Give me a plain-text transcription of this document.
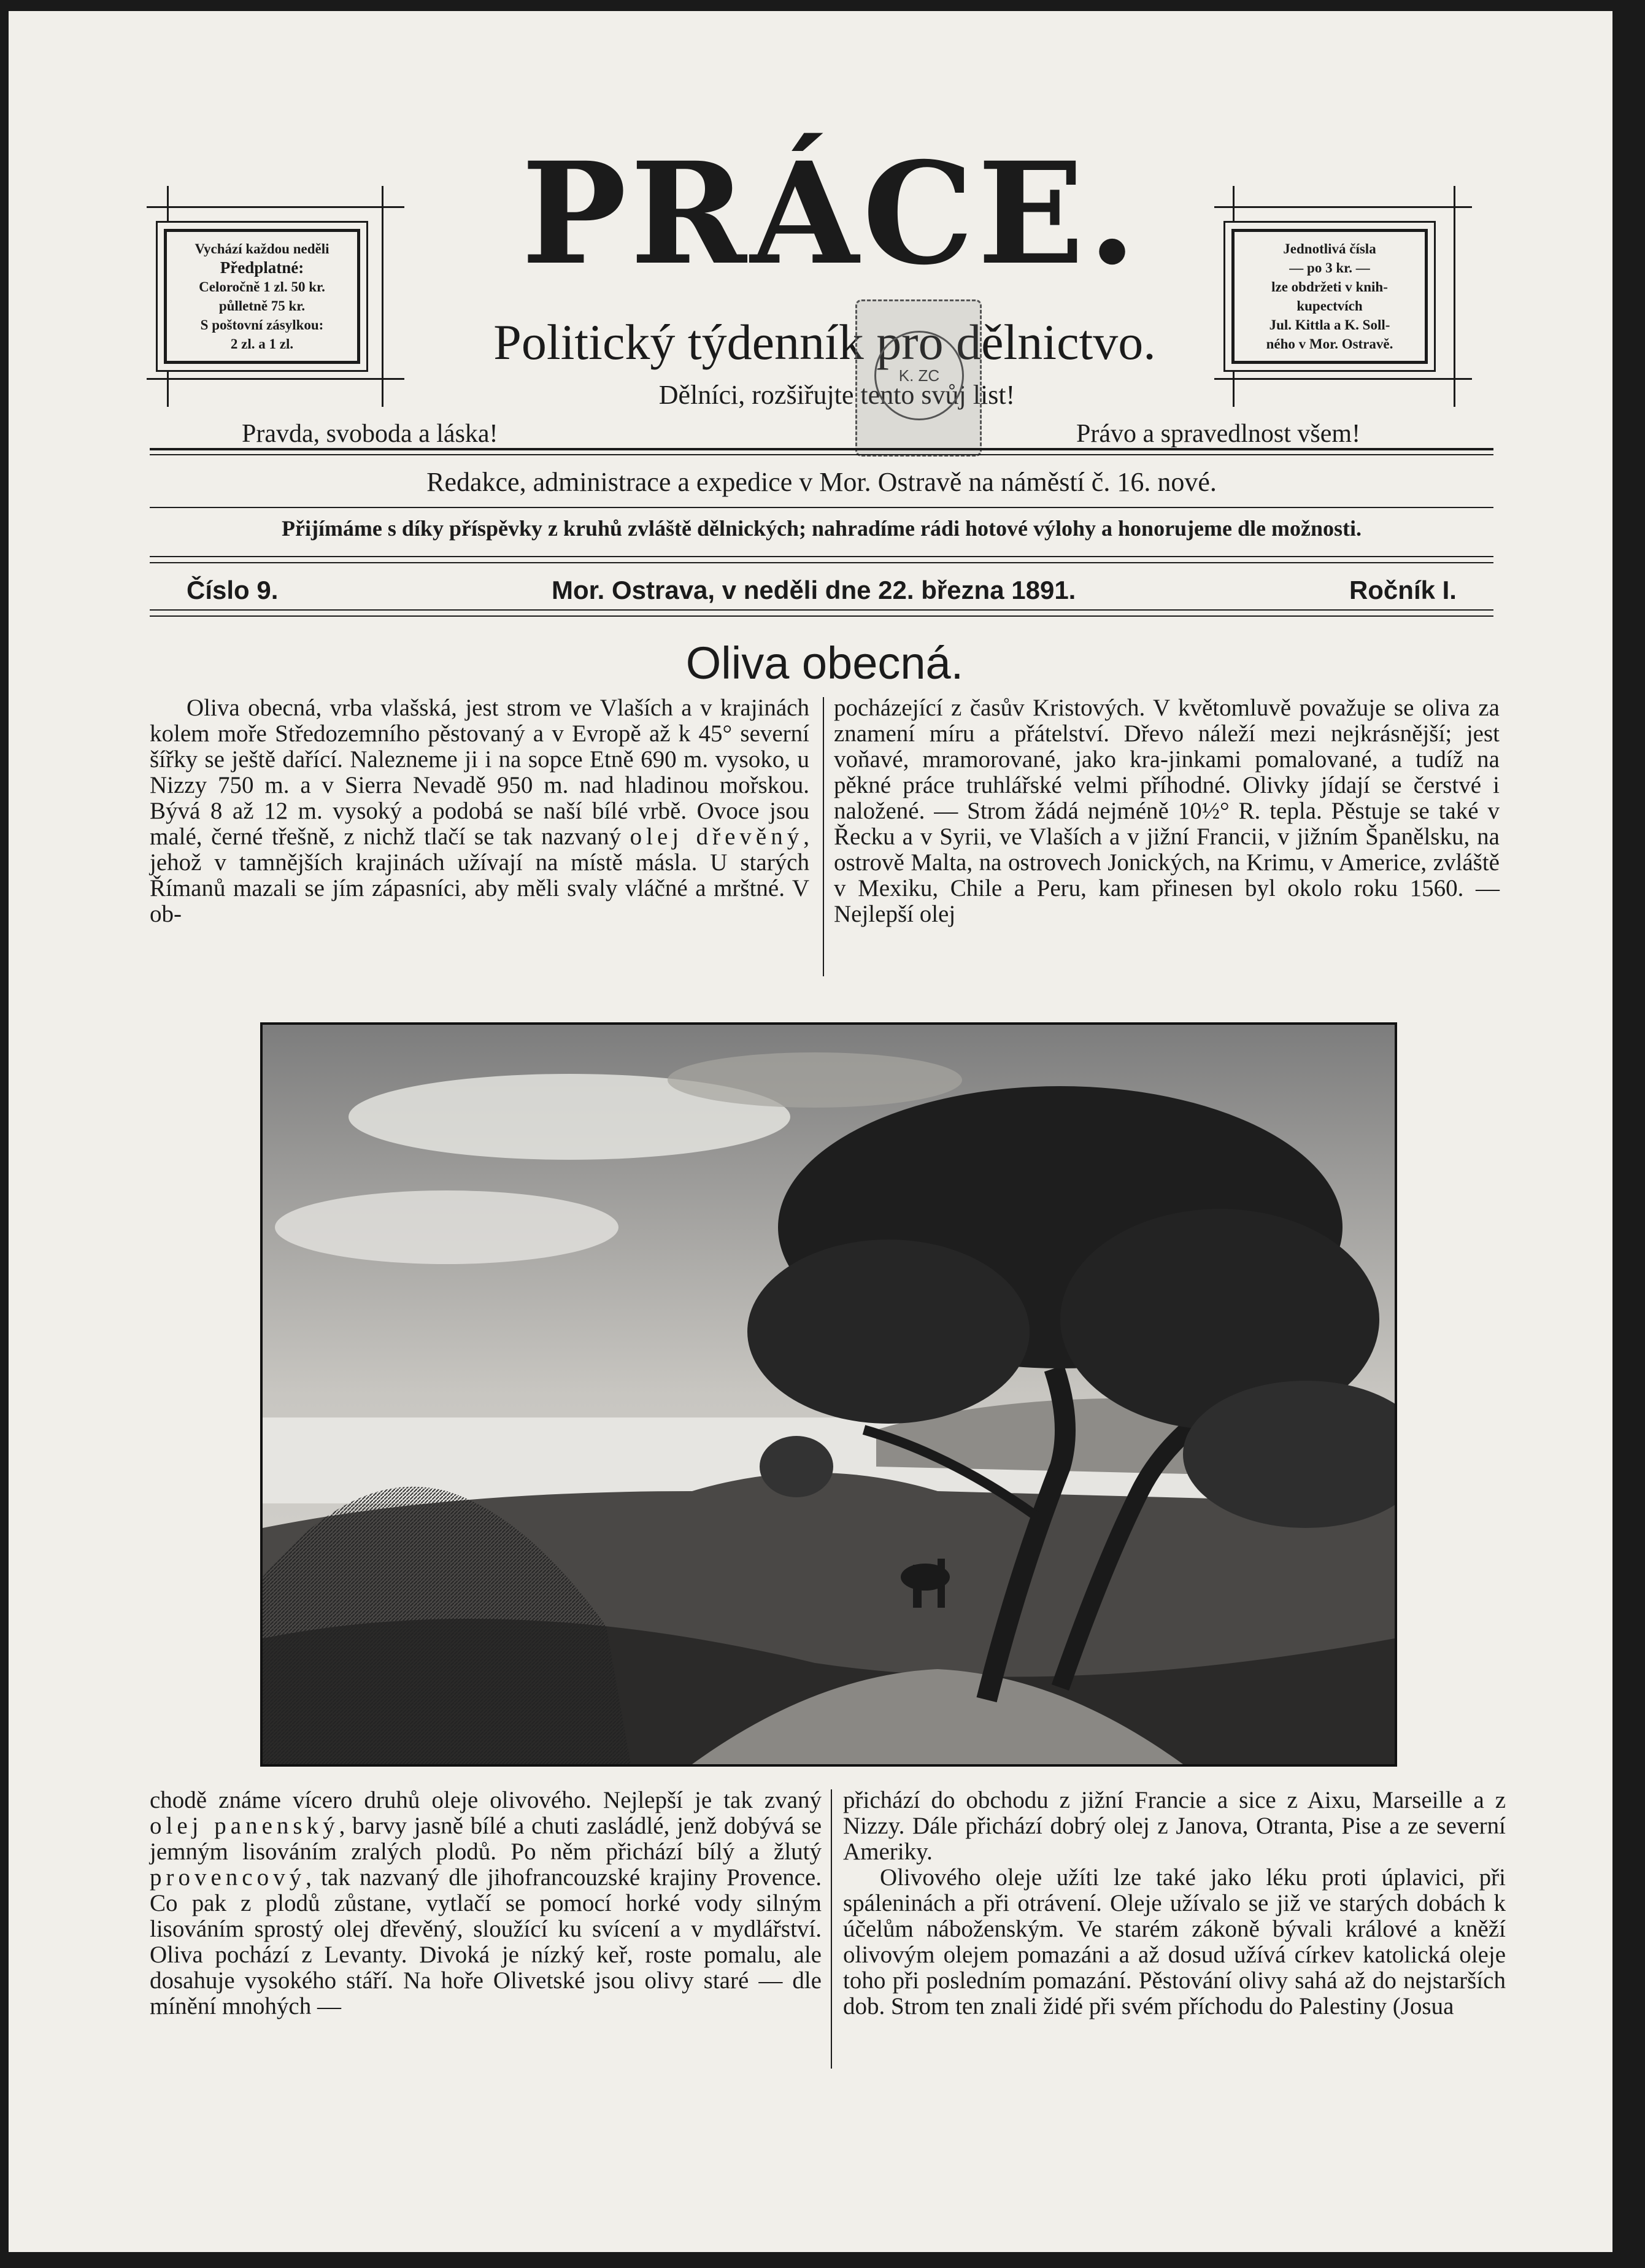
Vychází každou neděli
Předplatné:
Celoročně 1 zl. 50 kr.
půlletně 75 kr.
S poštovní zásylkou:
2 zl. a 1 zl.
Jednotlivá čísla
— po 3 kr. —
lze obdržeti v knih-
kupectvích
Jul. Kittla a K. Soll-
ného v Mor. Ostravě.
PRÁCE.
Politický týdenník pro dělnictvo.
Dělníci, rozšiřujte tento svůj list!
Pravda, svoboda a láska!	Právo a spravedlnost všem!
K. ZC
Redakce, administrace a expedice v Mor. Ostravě na náměstí č. 16. nové.
Přijímáme s díky příspěvky z kruhů zvláště dělnických; nahradíme rádi hotové výlohy a honorujeme dle možnosti.
Číslo 9.	Mor. Ostrava, v neděli dne 22. března 1891.	Ročník I.
Oliva obecná.

Oliva obecná, vrba vlašská, jest strom ve Vlaších a v krajinách kolem moře Středozemního pěstovaný a v Evropě až k 45° severní šířky se ještě dařící. Nalezneme ji i na sopce Etně 690 m. vysoko, u Nizzy 750 m. a v Sierra Nevadě 950 m. nad hladinou mořskou. Bývá 8 až 12 m. vysoký a podobá se naší bílé vrbě. Ovoce jsou malé, černé třešně, z nichž tlačí se tak nazvaný olej dřevěný, jehož v tamnějších krajinách užívají na místě másla. U starých Římanů mazali se jím zápasníci, aby měli svaly vláčné a mrštné. V ob-

pocházející z časův Kristových. V květomluvě považuje se oliva za znamení míru a přátelství. Dřevo náleží mezi nejkrásnější; jest voňavé, mramorované, jako kra-jinkami pomalované, a tudíž na pěkné práce truhlářské velmi příhodné. Olivky jídají se čerstvé i naložené. — Strom žádá nejméně 10½° R. tepla. Pěstuje se také v Řecku a v Syrii, ve Vlaších a v jižní Francii, v jižním Španělsku, na ostrově Malta, na ostrovech Jonických, na Krimu, v Americe, zvláště v Mexiku, Chile a Peru, kam přinesen byl okolo roku 1560. — Nejlepší olej

chodě známe vícero druhů oleje olivového. Nejlepší je tak zvaný olej panenský, barvy jasně bílé a chuti zasládlé, jenž dobývá se jemným lisováním zralých plodů. Po něm přichází bílý a žlutý provencový, tak nazvaný dle jihofrancouzské krajiny Provence. Co pak z plodů zůstane, vytlačí se pomocí horké vody silným lisováním sprostý olej dřevěný, sloužící ku svícení a v mydlářství. Oliva pochází z Levanty. Divoká je nízký keř, roste pomalu, ale dosahuje vysokého stáří. Na hoře Olivetské jsou olivy staré — dle mínění mnohých —

přichází do obchodu z jižní Francie a sice z Aixu, Marseille a z Nizzy. Dále přichází dobrý olej z Janova, Otranta, Pise a ze severní Ameriky.

Olivového oleje užíti lze také jako léku proti úplavici, při spáleninách a při otrávení. Oleje užívalo se již ve starých dobách k účelům náboženským. Ve starém zákoně bývali králové a kněží olivovým olejem pomazáni a až dosud užívá církev katolická oleje toho při posledním pomazání. Pěstování olivy sahá až do nejstarších dob. Strom ten znali židé při svém příchodu do Palestiny (Josua
